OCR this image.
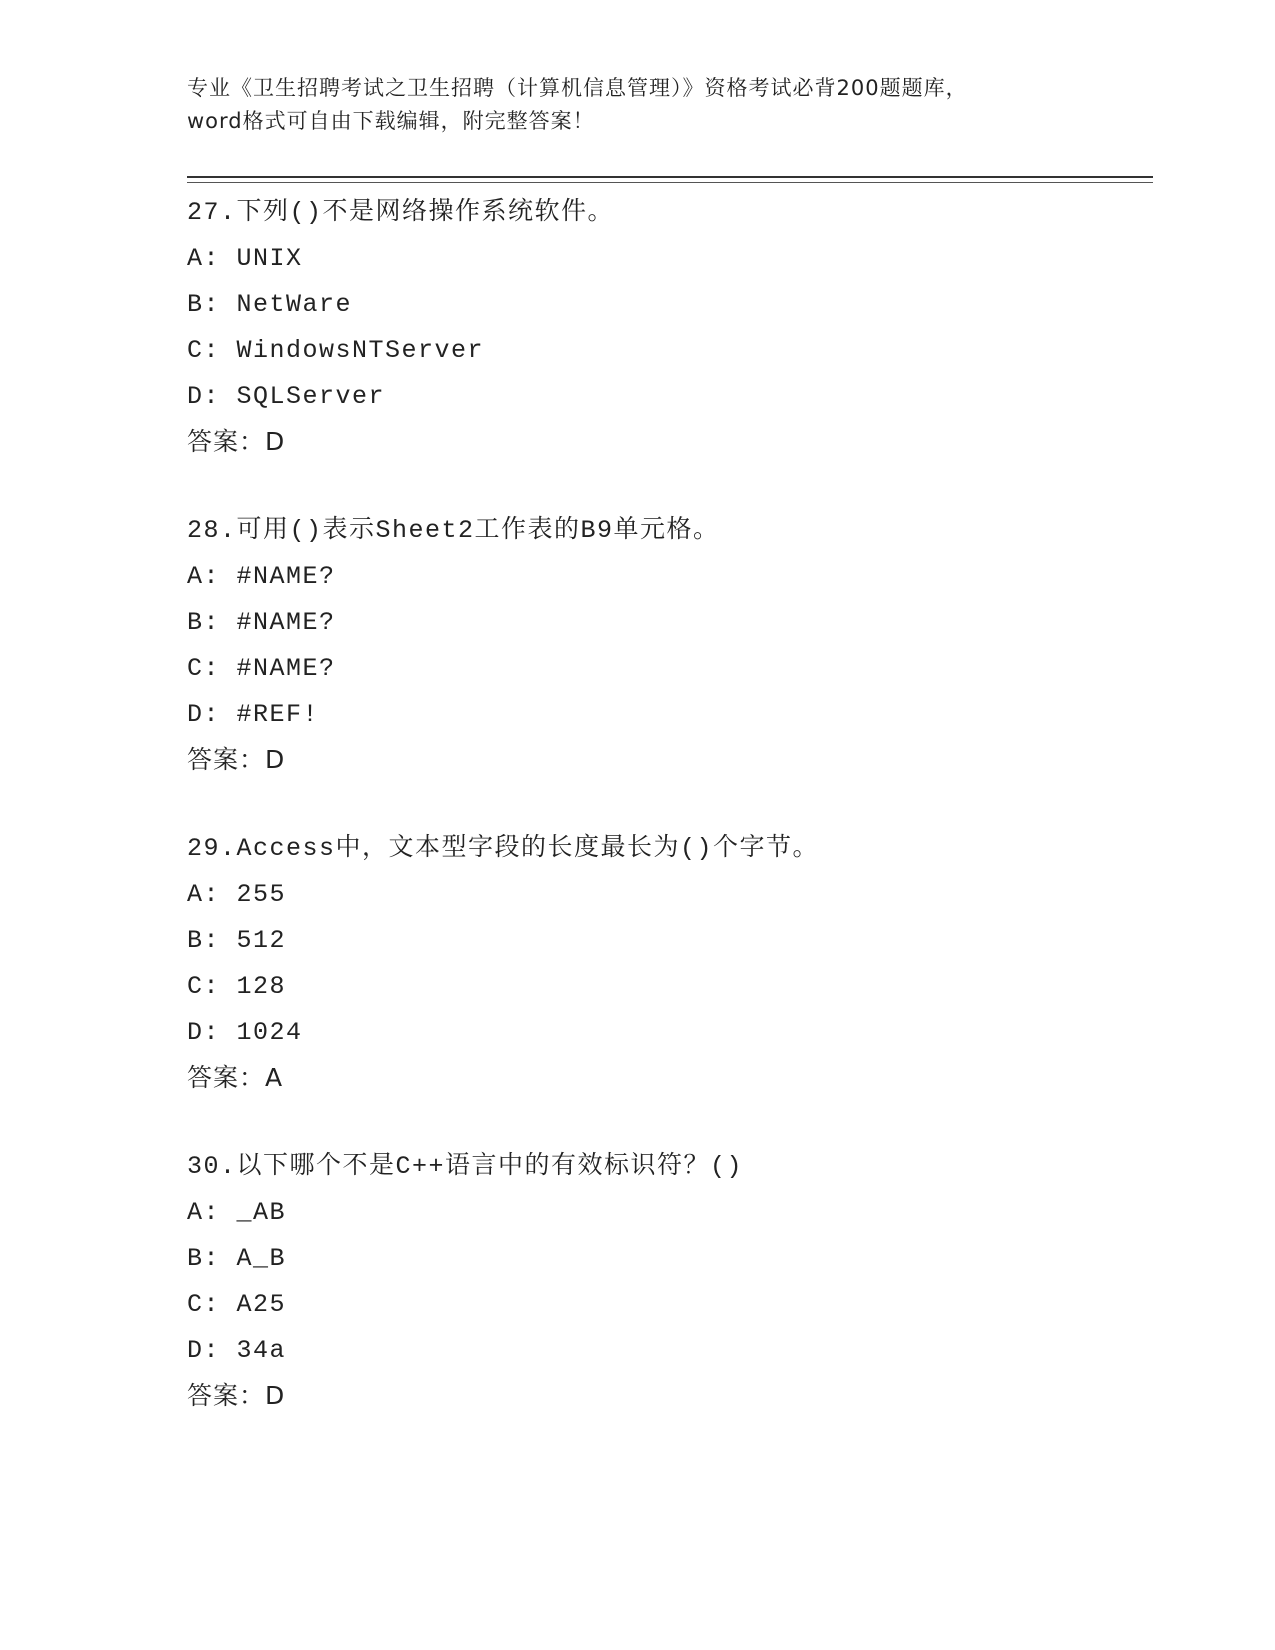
专业《卫生招聘考试之卫生招聘（计算机信息管理）》资格考试必背200题题库，
word格式可自由下载编辑，附完整答案！
27.下列()不是网络操作系统软件。
A: UNIX
B: NetWare
C: WindowsNTServer
D: SQLServer
答案：D
28.可用()表示Sheet2工作表的B9单元格。
A: #NAME?
B: #NAME?
C: #NAME?
D: #REF!
答案：D
29.Access中，文本型字段的长度最长为()个字节。
A: 255
B: 512
C: 128
D: 1024
答案：A
30.以下哪个不是C++语言中的有效标识符？()
A: _AB
B: A_B
C: A25
D: 34a
答案：D
